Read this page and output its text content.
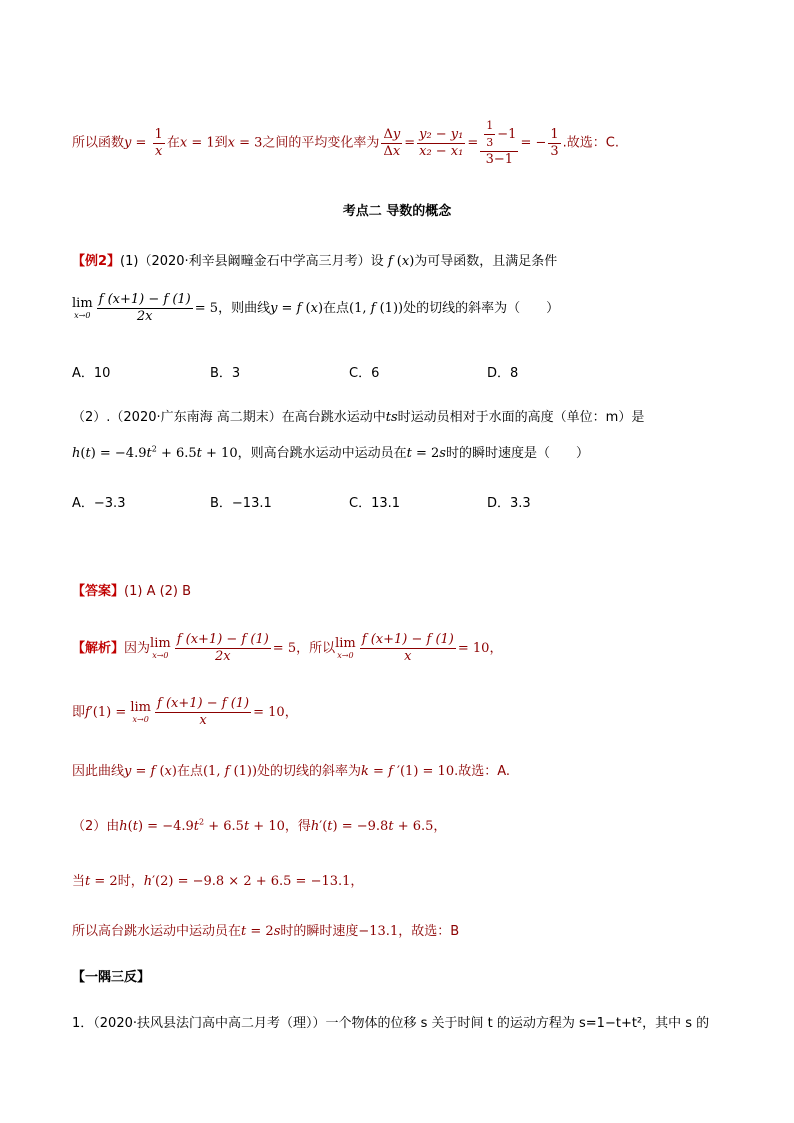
所以函数$y = \frac{1}{x}$ 在x = 1到x = 3之间的平均变化率为 $\frac{\Delta y}{\Delta x} = \frac{\text{y₂ − y₁}}{\text{x₂ − x₁}} = \frac{\frac{1}{3} -1}{3-1}$ = − $\frac{1}{3}$ .故选：C.
考点二 导数的概念
【例2】(1)（2020·利辛县阚疃金石中学高三月考）设 f (x)为可导函数，且满足条件
lim
$x\to 0 \frac{f (x+1) - f (1)}{2x} = 5$，则曲线y = f (x)在点(1, f (1))处的切线的斜率为（　　）
A．10	B．3	C．6	D．8
（2）.（2020·广东南海 高二期末）在高台跳水运动中ts时运动员相对于水面的高度（单位：m）是
$h(t) = -4.9t^2 + 6.5t + 10$，则高台跳水运动中运动员在t = 2s时的瞬时速度是（　　）
A．−3.3	B．−13.1	C．13.1	D．3.3
【答案】(1) A (2) B
【解析】因为 lim
$x\to 0 \frac{f (x+1) - f (1)}{2x} = 5$，所以 lim
$x\to 0 \frac{f (x+1) - f (1)}{x} = 10$，
即f′(1) = lim
$x\to 0 \frac{f (x+1) - f (1)}{x} = 10$，
因此曲线y = f (x)在点(1, f (1))处的切线的斜率为k = f ′(1) = 10.故选：A.
（2）由$h(t) = -4.9t^2 + 6.5t + 10$，得h′(t) = −9.8t + 6.5，
当t = 2时，h′(2) = −9.8 × 2 + 6.5 = −13.1，
所以高台跳水运动中运动员在t = 2s时的瞬时速度−13.1，故选：B
【一隅三反】
1．（2020·扶风县法门高中高二月考（理））一个物体的位移 s 关于时间 t 的运动方程为 s=1−t+t²，其中 s 的
